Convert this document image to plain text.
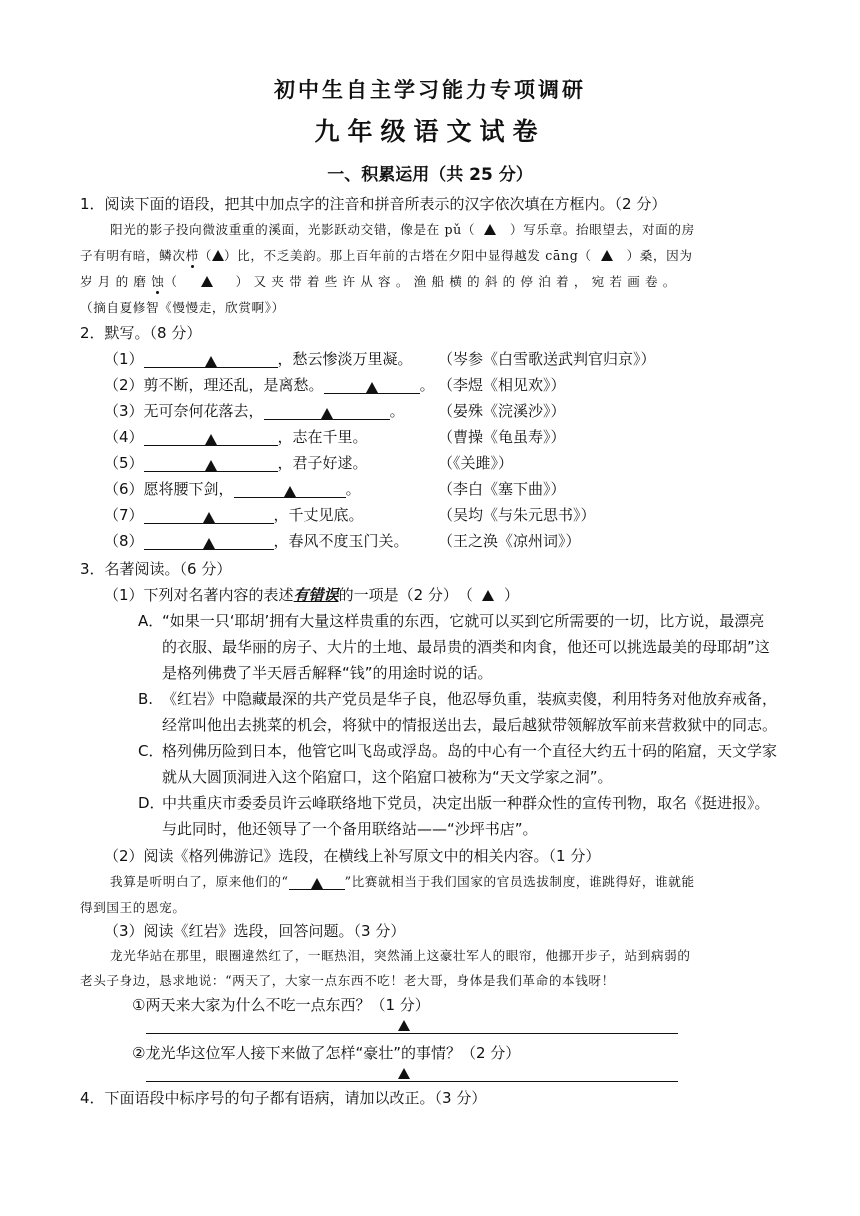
初中生自主学习能力专项调研
九年级语文试卷
一、积累运用（共 25 分）
1．阅读下面的语段，把其中加点字的注音和拼音所表示的汉字依次填在方框内。（2 分）
阳光的影子投向微波重重的溪面，光影跃动交错，像是在 pǔ（	）写乐章。抬眼望去，对面的房
子有明有暗，鳞次栉（ ）比，不乏美韵。那上百年前的古塔在夕阳中显得越发 cāng（	）桑，因为
岁 月 的 磨 蚀（	） 又 夹 带 着 些 许 从 容 。 渔 船 横 的 斜 的 停 泊 着 ， 宛 若 画 卷 。
（摘自夏修智《慢慢走，欣赏啊》）
2．默写。（8 分）
（1）	，愁云惨淡万里凝。 （岑参《白雪歌送武判官归京》）
（2）剪不断，理还乱，是离愁。	。 （李煜《相见欢》）
（3）无可奈何花落去，	。 （晏殊《浣溪沙》）
（4）	，志在千里。	（曹操《龟虽寿》）
（5）	，君子好逑。	（《关雎》）
（6）愿将腰下剑，	。	（李白《塞下曲》）
（7）	，千丈见底。	（吴均《与朱元思书》）
（8）	，春风不度玉门关。 （王之涣《凉州词》）
3．名著阅读。（6 分）
（1）下列对名著内容的表述有错误的一项是（2 分）　（ ）
A．
“如果一只‘耶胡’拥有大量这样贵重的东西，它就可以买到它所需要的一切，比方说，最漂亮
的衣服、最华丽的房子、大片的土地、最昂贵的酒类和肉食，他还可以挑选最美的母耶胡”这
是格列佛费了半天唇舌解释“钱”的用途时说的话。
B. 《红岩》中隐藏最深的共产党员是华子良，他忍辱负重，装疯卖傻，利用特务对他放弃戒备，
经常叫他出去挑菜的机会，将狱中的情报送出去，最后越狱带领解放军前来营救狱中的同志。
C．
格列佛历险到日本，他管它叫飞岛或浮岛。岛的中心有一个直径大约五十码的陷窟，天文学家
就从大圆顶洞进入这个陷窟口，这个陷窟口被称为“天文学家之洞”。
D．
中共重庆市委委员许云峰联络地下党员，决定出版一种群众性的宣传刊物，取名《挺进报》。
与此同时，他还领导了一个备用联络站——“沙坪书店”。
（2）阅读《格列佛游记》选段，在横线上补写原文中的相关内容。（1 分）
我算是听明白了，原来他们的“	”比赛就相当于我们国家的官员选拔制度，谁跳得好，谁就能
得到国王的恩宠。
（3）阅读《红岩》选段，回答问题。（3 分）
龙光华站在那里，眼圈違然红了，一眶热泪，突然涌上这豪壮军人的眼帘，他挪开步子，站到病弱的
老头子身边，恳求地说：“两天了，大家一点东西不吃！老大哥，身体是我们革命的本钱呀！
①两天来大家为什么不吃一点东西？（1 分）
②龙光华这位军人接下来做了怎样“豪壮”的事情？（2 分）
4．下面语段中标序号的句子都有语病，请加以改正。（3 分）
